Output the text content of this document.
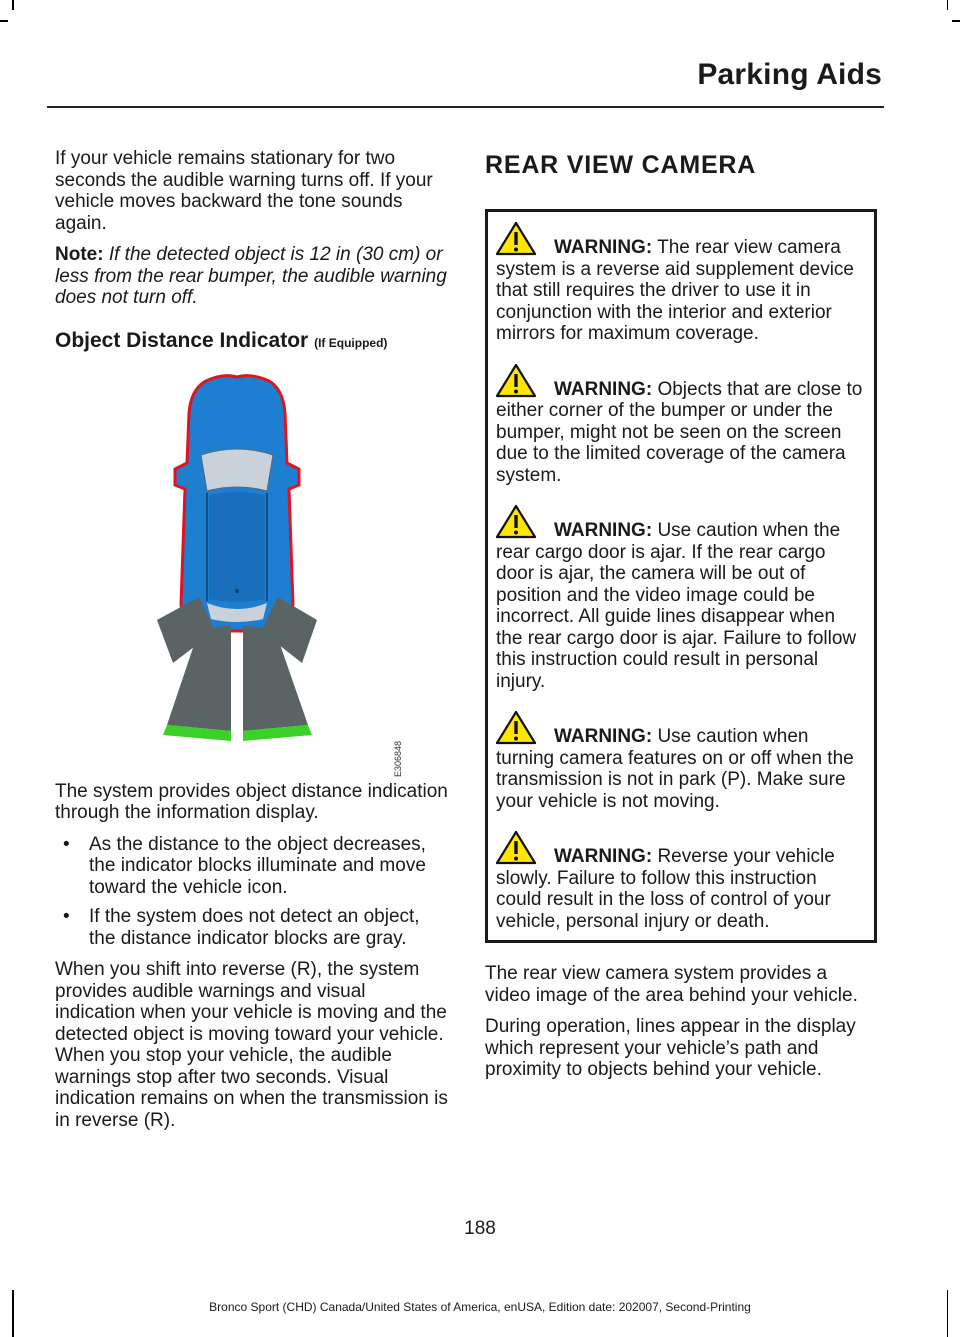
Parking Aids

If your vehicle remains stationary for two seconds the audible warning turns off. If your vehicle moves backward the tone sounds again.

Note: If the detected object is 12 in (30 cm) or less from the rear bumper, the audible warning does not turn off.

Object Distance Indicator (If Equipped)
E306848

The system provides object distance indication through the information display.

• As the distance to the object decreases, the indicator blocks illuminate and move toward the vehicle icon.
• If the system does not detect an object, the distance indicator blocks are gray.

When you shift into reverse (R), the system provides audible warnings and visual indication when your vehicle is moving and the detected object is moving toward your vehicle. When you stop your vehicle, the audible warnings stop after two seconds. Visual indication remains on when the transmission is in reverse (R).

REAR VIEW CAMERA
WARNING: The rear view camera system is a reverse aid supplement device that still requires the driver to use it in conjunction with the interior and exterior mirrors for maximum coverage.
WARNING: Objects that are close to either corner of the bumper or under the bumper, might not be seen on the screen due to the limited coverage of the camera system.
WARNING: Use caution when the rear cargo door is ajar. If the rear cargo door is ajar, the camera will be out of position and the video image could be incorrect. All guide lines disappear when the rear cargo door is ajar. Failure to follow this instruction could result in personal injury.
WARNING: Use caution when turning camera features on or off when the transmission is not in park (P). Make sure your vehicle is not moving.
WARNING: Reverse your vehicle slowly. Failure to follow this instruction could result in the loss of control of your vehicle, personal injury or death.

The rear view camera system provides a video image of the area behind your vehicle.

During operation, lines appear in the display which represent your vehicle’s path and proximity to objects behind your vehicle.

188
Bronco Sport (CHD) Canada/United States of America, enUSA, Edition date: 202007, Second-Printing
